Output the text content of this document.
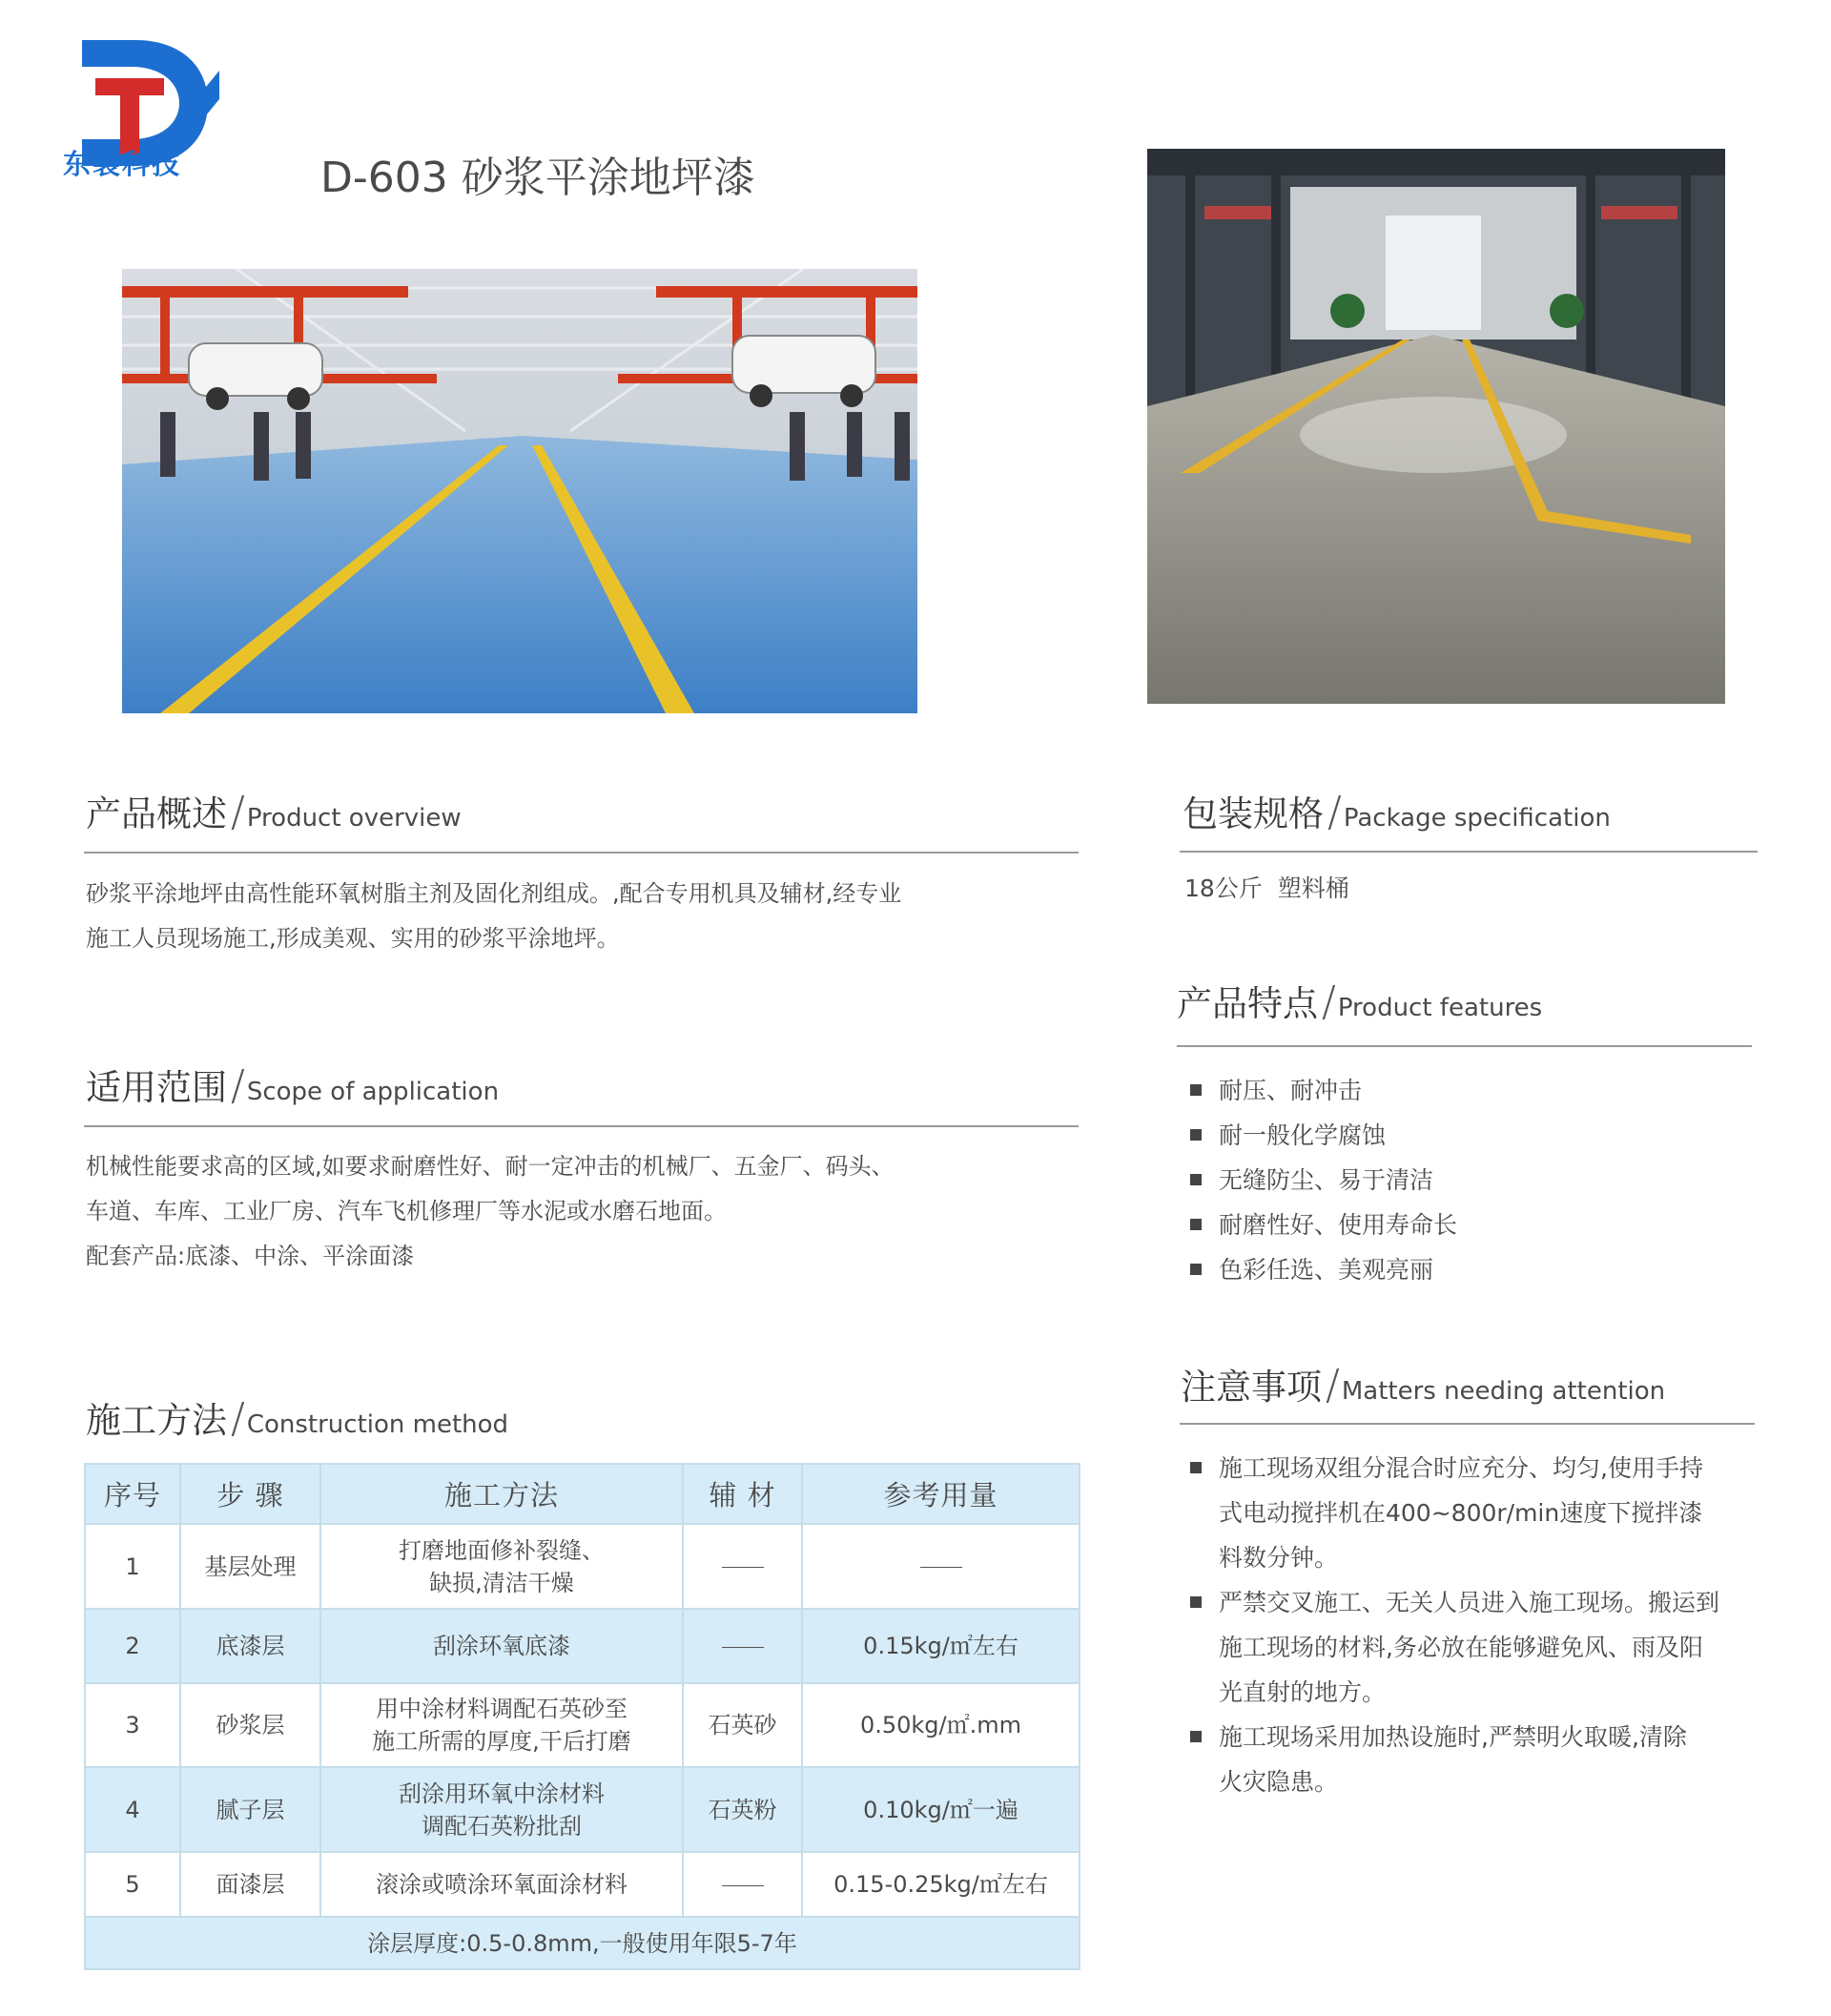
东装科技	D-603 砂浆平涂地坪漆
产品概述/Product overview
砂浆平涂地坪由高性能环氧树脂主剂及固化剂组成。,配合专用机具及辅材,经专业
施工人员现场施工,形成美观、实用的砂浆平涂地坪。
适用范围/Scope of application
机械性能要求高的区域,如要求耐磨性好、耐一定冲击的机械厂、五金厂、码头、
车道、车库、工业厂房、汽车飞机修理厂等水泥或水磨石地面。
配套产品:底漆、中涂、平涂面漆
施工方法/Construction method
序号	步 骤	施工方法	辅 材	参考用量
1	基层处理	打磨地面修补裂缝、
缺损,清洁干燥		

2	底漆层	刮涂环氧底漆		0.15kg/㎡左右
3	砂浆层	用中涂材料调配石英砂至
施工所需的厚度,干后打磨	石英砂	0.50kg/㎡.mm
4	腻子层	刮涂用环氧中涂材料
调配石英粉批刮	石英粉	0.10kg/㎡一遍
5	面漆层	滚涂或喷涂环氧面涂材料		0.15-0.25kg/㎡左右
涂层厚度:0.5-0.8mm,一般使用年限5-7年				
包装规格/Package specification
18公斤  塑料桶
产品特点/Product features
耐压、耐冲击
耐一般化学腐蚀
无缝防尘、易于清洁
耐磨性好、使用寿命长
色彩任选、美观亮丽
注意事项/Matters needing attention
施工现场双组分混合时应充分、均匀,使用手持
式电动搅拌机在400~800r/min速度下搅拌漆
料数分钟。
严禁交叉施工、无关人员进入施工现场。搬运到
施工现场的材料,务必放在能够避免风、雨及阳
光直射的地方。
施工现场采用加热设施时,严禁明火取暖,清除
火灾隐患。
